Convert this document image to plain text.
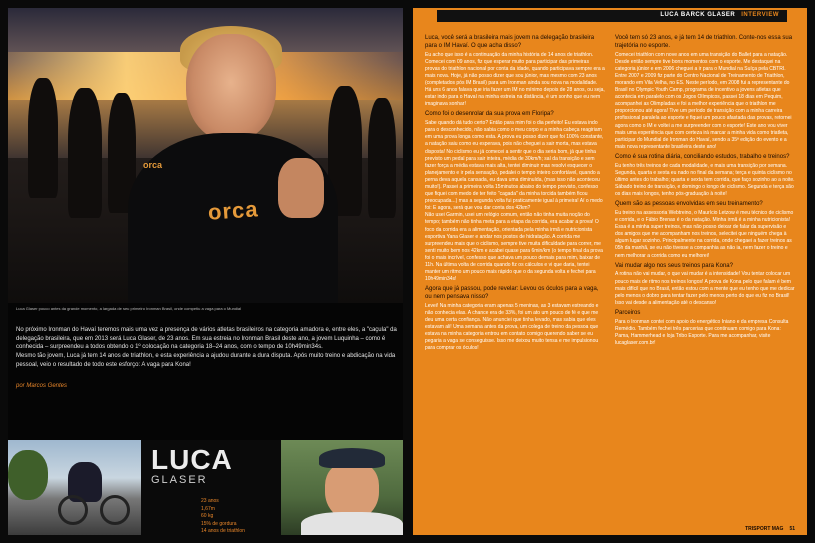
orca
orca
Luca Glaser pouco antes da grande momento, a largada de seu primeiro Ironman Brasil, onde competiu a vaga para o Mundial
No próximo Ironman do Havaí teremos mais uma vez a presença de vários atletas brasileiros na categoria amadora e, entre eles, a "caçula" da delegação brasileira, que em 2013 será Luca Glaser, de 23 anos. Em sua estreia no Ironman Brasil deste ano, a jovem Luquinha – como é conhecida – surpreendeu a todos obtendo o 1º colocação na categoria 18–24 anos, com o tempo de 10h49min34s.
Mesmo tão jovem, Luca já tem 14 anos de triathlon, e esta experiência a ajudou durante a dura disputa. Após muito treino e abdicação na vida pessoal, veio o resultado de todo este esforço: A vaga para Kona!
por Marcos Gentes
LUCA
GLASER
23 anos
1,67m
60 kg
15% de gordura
14 anos de triathlon
LUCA BARCK GLASER INTERVIEW
Luca, você será a brasileira mais jovem na delegação brasileira para o IM Havaí. O que acha disso?
Eu acho que isso é a continuação da minha história de 14 anos de triathlon. Comecei com 09 anos, fiz que esperar muito para participar das primeiras provas do triathlon nacional por conta da idade, quando participava sempre era a mais nova. Hoje, já não posso dizer que sou júnior, mas mesmo com 23 anos (completados pós IM Brasil) para um Ironman ainda sou nova na modalidade. Há uns 6 anos falava que iria fazer um IM no mínimo depois de 28 anos, ou seja, estar indo para o Havaí na minha estreia na distância, é um sonho que eu nem imaginava sonhar!
Como foi o desenrolar da sua prova em Floripa?
Sabe quando dá tudo certo? Então para mim foi o dia perfeito! Eu estava indo para o desconhecido, não sabia como o meu corpo e a minha cabeça reagiriam em uma prova longa como esta. A prova eu posso dizer que foi 100% constante, a natação saiu como eu esperava, pois não cheguei a sair morta, mas estava disposta! No ciclismo eu já comecei a sentir que o dia seria bom, já que tinha previsto um pedal para sair inteira, média de 30km/h; saí da transição e sem fazer força a média estava mais alta, tentei diminuir mas resolvi esquecer o planejamento e ir pela sensação, pedalei o tempo inteiro confortável, quando a perna deva aquela cansada, eu dava uma diminuída, (mas isso não aconteceu muito!). Passei a primeira volta 15minutos abaixo do tempo previsto, confesso que fiquei com medo de ter feito "cagada" da minha torcida também ficou preocupada...) mas a segunda volta fui praticamente igual à primeira! Aí o medo foi: E agora, será que vou dar conta dos 42km?
Não usei Garmin, usei um relógio comum, então não tinha muita noção do tempo; também não tinha meta para a etapa da corrida, era acabar a prova! O foco da corrida era a alimentação, orientada pela minha irmã e nutricionista esportiva Yana Glaser e andar nos postos de hidratação. A corrida me surpreendeu mais que o ciclismo, sempre tive muita dificuldade para correr, me senti muito bem nos 42km e acabei quase para 6min/km (o tempo final da prova foi o mais incrível, confesso que achava um pouco demais para mim, baixar de 11h. Na última volta de corrida quando fiz os cálculos e vi que daria, tentei manter um ritmo um pouco mais rápido que o da segunda volta e fechei para 10h49min34s!
Agora que já passou, pode revelar: Levou os óculos para a vaga, ou nem pensava nisso?
Levei! Na minha categoria eram apenas 5 meninas, as 3 estavam estreando e não conhecia elas. A chance era de 33%, foi um ato um pouco de fé e que me deu uma certa confiança. Não anunciei que tinha levado, mas sabia que eles estavam ali! Uma semana antes da prova, um colega de treino da pessoa que estava na minha categoria entrou em contato comigo querendo saber se eu pegaria a vaga se conseguisse. Isso me deixou muito tensa e me impulsionou para comprar os óculos!
Você tem só 23 anos, e já tem 14 de triathlon. Conte-nos essa sua trajetória no esporte.
Comecei triathlon com nove anos em uma transição do Ballet para a natação. Desde então sempre tive bons momentos com o esporte. Me destaquei na categoria júnior e em 2006 cheguei a ir para o Mundial na Suíça pela CBTRI. Entre 2007 e 2009 fiz parte do Centro Nacional de Treinamento de Triathlon, morando em Vila Velha, no ES. Neste período, em 2008 fui a representante do Brasil no Olympic Youth Camp, programa de incentivo a jovens atletas que acontecia em paralelo com os Jogos Olímpicos, passei 18 dias em Pequim, acompanhei as Olimpíadas e foi a melhor experiência que o triathlon me proporcionou até agora! Tive um período de transição com a minha carreira profissional paralela ao esporte e fiquei um pouco afastada das provas, retornei agora como o IM e voltei a me surpreender com o esporte! Este ano vou viver mais uma experiência que com certeza irá marcar a minha vida como triatleta, participar do Mundial de Ironman do Havaí, sendo a 35ª edição do evento e a mais nova representante brasileira deste ano!
Como é sua rotina diária, conciliando estudos, trabalho e treinos?
Eu tenho três treinos de cada modalidade, e mais uma transição por semana. Segunda, quarta e sexta eu nado no final da semana; terça e quinta ciclismo no último antes do trabalho; quarta e sexta tem corrida, que faço sozinho ao a noite. Sábado treino de transição, e domingo o longo de ciclismo. Segunda e terça são os dias mais longos, tenho pós-graduação à noite!
Quem são as pessoas envolvidas em seu treinamento?
Eu treino na assessoria Webtreino, o Maurício Letzow é meu técnico de ciclismo e corrida, e o Fábio Brenas é o da natação. Minha irmã é a minha nutricionista! Essa é a minha super treinos, mas não posso deixar de falar da supervisão e dos amigos que me acompanham nos treinos, selecitei que ninguém chega à algum lugar sozinho. Principalmente na corrida, onde chegaei a fazer treinos as 05h da manhã, se eu não tivesse a companhia as não ia, nem fazer o treino e nem melhorar a corrida como eu melhorei!
Vai mudar algo nos seus treinos para Kona?
A rotina não vai mudar, o que vai mudar é a intensidade! Vou tentar colocar um pouco mais de ritmo nos treinos longos! A prova de Kona pelo que falam é bem mais difícil que no Brasil, então estou com a mente que eu tenho que me dedicar pelo menos o dobro para tentar fazer pelo menos perto do que eu fiz no Brasil! Isso vai desde a alimentação até o descanso!
Parceiros
Para o Ironman contei com apoio do energético Iniano e da empresa Consulta Remédio. Também fechei três parcerias que continuam comigo para Kona: Pama, Hammerhead e loja Tribo Esporte. Para me acompanhar, visite lucaglaser.com.br!
TRISPORT MAG 51
